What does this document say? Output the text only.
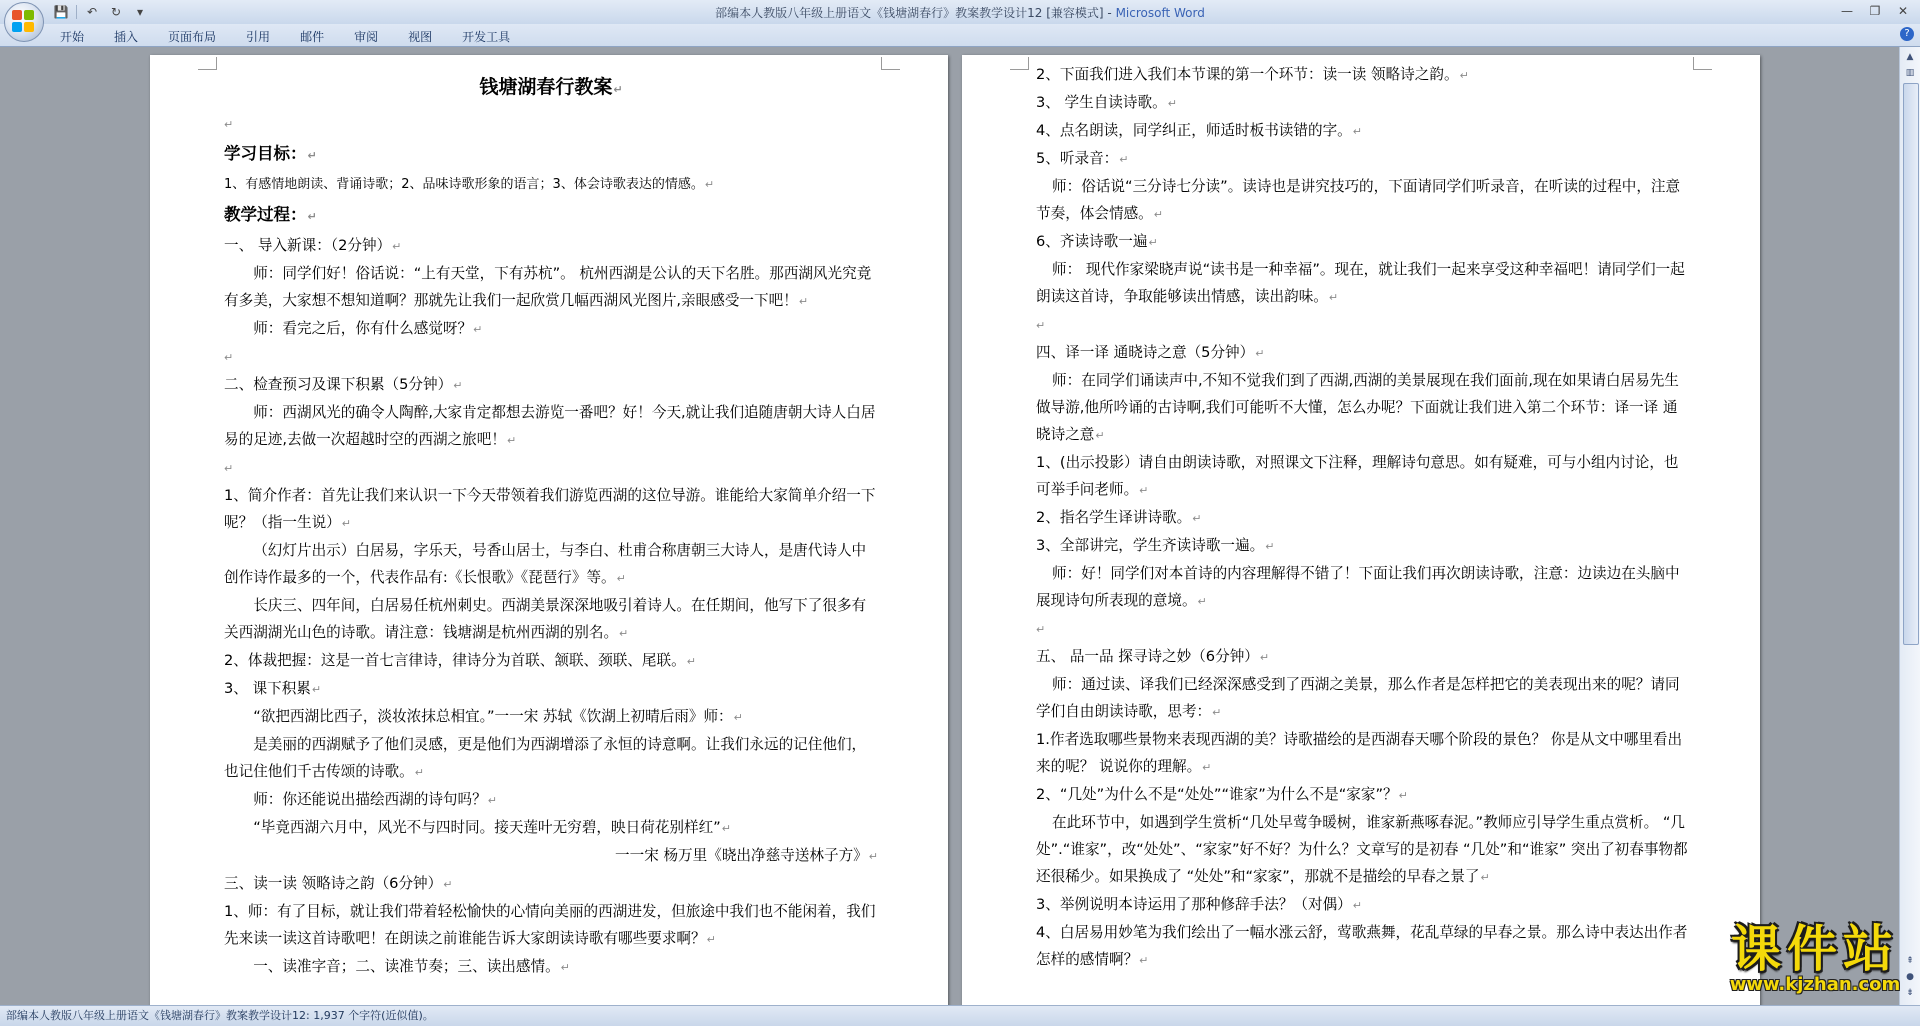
💾	↶	↻	▾	部编本人教版八年级上册语文《钱塘湖春行》教案教学设计12 [兼容模式] - Microsoft Word	—	❐	✕
开始	插入	页面布局	引用	邮件	审阅	视图	开发工具	?
钱塘湖春行教案↵

↵

学习目标：↵

1、有感情地朗读、背诵诗歌；2、品味诗歌形象的语言；3、体会诗歌表达的情感。↵

教学过程：↵

一、 导入新课：（2分钟）↵

师：同学们好！俗话说：“上有天堂，下有苏杭”。 杭州西湖是公认的天下名胜。那西湖风光究竟有多美，大家想不想知道啊？那就先让我们一起欣赏几幅西湖风光图片,亲眼感受一下吧！↵

师：看完之后，你有什么感觉呀？↵

↵

二、检查预习及课下积累（5分钟）↵

师：西湖风光的确令人陶醉,大家肯定都想去游览一番吧？好！今天,就让我们追随唐朝大诗人白居易的足迹,去做一次超越时空的西湖之旅吧！↵

↵

1、简介作者：首先让我们来认识一下今天带领着我们游览西湖的这位导游。谁能给大家简单介绍一下呢？（指一生说）↵

（幻灯片出示）白居易，字乐天，号香山居士，与李白、杜甫合称唐朝三大诗人，是唐代诗人中创作诗作最多的一个，代表作品有:《长恨歌》《琵琶行》等。↵

长庆三、四年间，白居易任杭州刺史。西湖美景深深地吸引着诗人。在任期间，他写下了很多有关西湖湖光山色的诗歌。请注意：钱塘湖是杭州西湖的别名。↵

2、体裁把握：这是一首七言律诗，律诗分为首联、颔联、颈联、尾联。↵

3、 课下积累↵

“欲把西湖比西子，淡妆浓抹总相宜。”一一宋 苏轼《饮湖上初晴后雨》师：↵

是美丽的西湖赋予了他们灵感，更是他们为西湖增添了永恒的诗意啊。让我们永远的记住他们，也记住他们千古传颂的诗歌。↵

师：你还能说出描绘西湖的诗句吗？↵

“毕竟西湖六月中，风光不与四时同。接天莲叶无穷碧，映日荷花别样红”↵

一一宋 杨万里《晓出净慈寺送林子方》↵

三、读一读 领略诗之韵（6分钟）↵

1、师：有了目标，就让我们带着轻松愉快的心情向美丽的西湖进发，但旅途中我们也不能闲着，我们先来读一读这首诗歌吧！在朗读之前谁能告诉大家朗读诗歌有哪些要求啊？↵

一、读准字音；二、读准节奏；三、读出感情。↵

2、下面我们进入我们本节课的第一个环节：读一读 领略诗之韵。↵

3、 学生自读诗歌。↵

4、点名朗读，同学纠正，师适时板书读错的字。↵

5、听录音：↵

师：俗话说“三分诗七分读”。读诗也是讲究技巧的，下面请同学们听录音，在听读的过程中，注意节奏，体会情感。↵

6、齐读诗歌一遍↵

师： 现代作家梁晓声说“读书是一种幸福”。现在，就让我们一起来享受这种幸福吧！请同学们一起朗读这首诗，争取能够读出情感，读出韵味。↵

↵

四、译一译 通晓诗之意（5分钟）↵

师：在同学们诵读声中,不知不觉我们到了西湖,西湖的美景展现在我们面前,现在如果请白居易先生做导游,他所吟诵的古诗啊,我们可能听不大懂，怎么办呢？下面就让我们进入第二个环节：译一译 通晓诗之意↵

1、(出示投影）请自由朗读诗歌，对照课文下注释，理解诗句意思。如有疑难，可与小组内讨论，也可举手问老师。↵

2、指名学生译讲诗歌。↵

3、全部讲完，学生齐读诗歌一遍。↵

师：好！同学们对本首诗的内容理解得不错了！下面让我们再次朗读诗歌，注意：边读边在头脑中展现诗句所表现的意境。↵

↵

五、 品一品 探寻诗之妙（6分钟）↵

师：通过读、译我们已经深深感受到了西湖之美景，那么作者是怎样把它的美表现出来的呢？请同学们自由朗读诗歌，思考：↵

1.作者选取哪些景物来表现西湖的美？诗歌描绘的是西湖春天哪个阶段的景色？ 你是从文中哪里看出来的呢？ 说说你的理解。↵

2、“几处”为什么不是“处处”“谁家”为什么不是“家家”？↵

在此环节中，如遇到学生赏析“几处早莺争暖树，谁家新燕啄春泥。”教师应引导学生重点赏析。 “几处”.“谁家”，改“处处”、“家家”好不好？为什么？文章写的是初春 “几处”和“谁家” 突出了初春事物都还很稀少。如果换成了 “处处”和“家家”，那就不是描绘的早春之景了↵

3、举例说明本诗运用了那种修辞手法？（对偶）↵

4、白居易用妙笔为我们绘出了一幅水涨云舒，莺歌燕舞，花乱草绿的早春之景。那么诗中表达出作者怎样的感情啊？↵

▲
▥
⇞
●
⇟
部编本人教版八年级上册语文《钱塘湖春行》教案教学设计12: 1,937 个字符(近似值)。
课件站
www.kjzhan.com
